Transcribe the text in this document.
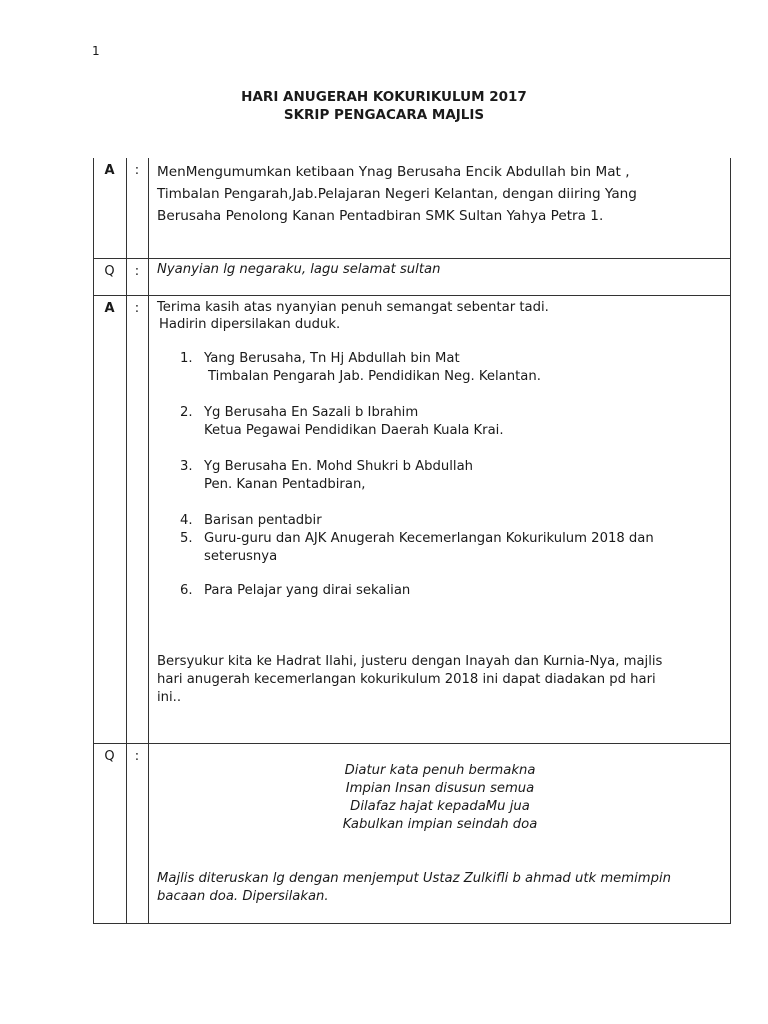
1
HARI ANUGERAH KOKURIKULUM 2017
SKRIP PENGACARA MAJLIS
A	:	MenMengumumkan ketibaan Ynag Berusaha Encik Abdullah bin Mat ,
Timbalan Pengarah,Jab.Pelajaran Negeri Kelantan, dengan diiring Yang
Berusaha Penolong Kanan Pentadbiran SMK Sultan Yahya Petra 1.
Q	:	Nyanyian lg negaraku, lagu selamat sultan
A	:	Terima kasih atas nyanyian penuh semangat sebentar tadi.
Hadirin dipersilakan duduk.
1. Yang Berusaha, Tn Hj Abdullah bin Mat
Timbalan Pengarah Jab. Pendidikan Neg. Kelantan.
2. Yg Berusaha En Sazali b Ibrahim
Ketua Pegawai Pendidikan Daerah Kuala Krai.
3. Yg Berusaha En. Mohd Shukri b Abdullah
Pen. Kanan Pentadbiran,
4. Barisan pentadbir
5. Guru-guru dan AJK Anugerah Kecemerlangan Kokurikulum 2018 dan
seterusnya
6. Para Pelajar yang dirai sekalian
Bersyukur kita ke Hadrat Ilahi, justeru dengan Inayah dan Kurnia-Nya, majlis
hari anugerah kecemerlangan kokurikulum 2018 ini dapat diadakan pd hari
ini..
Q	:
Diatur kata penuh bermakna
Impian Insan disusun semua
Dilafaz hajat kepadaMu jua
Kabulkan impian seindah doa
Majlis diteruskan lg dengan menjemput Ustaz Zulkifli b ahmad utk memimpin
bacaan doa. Dipersilakan.
